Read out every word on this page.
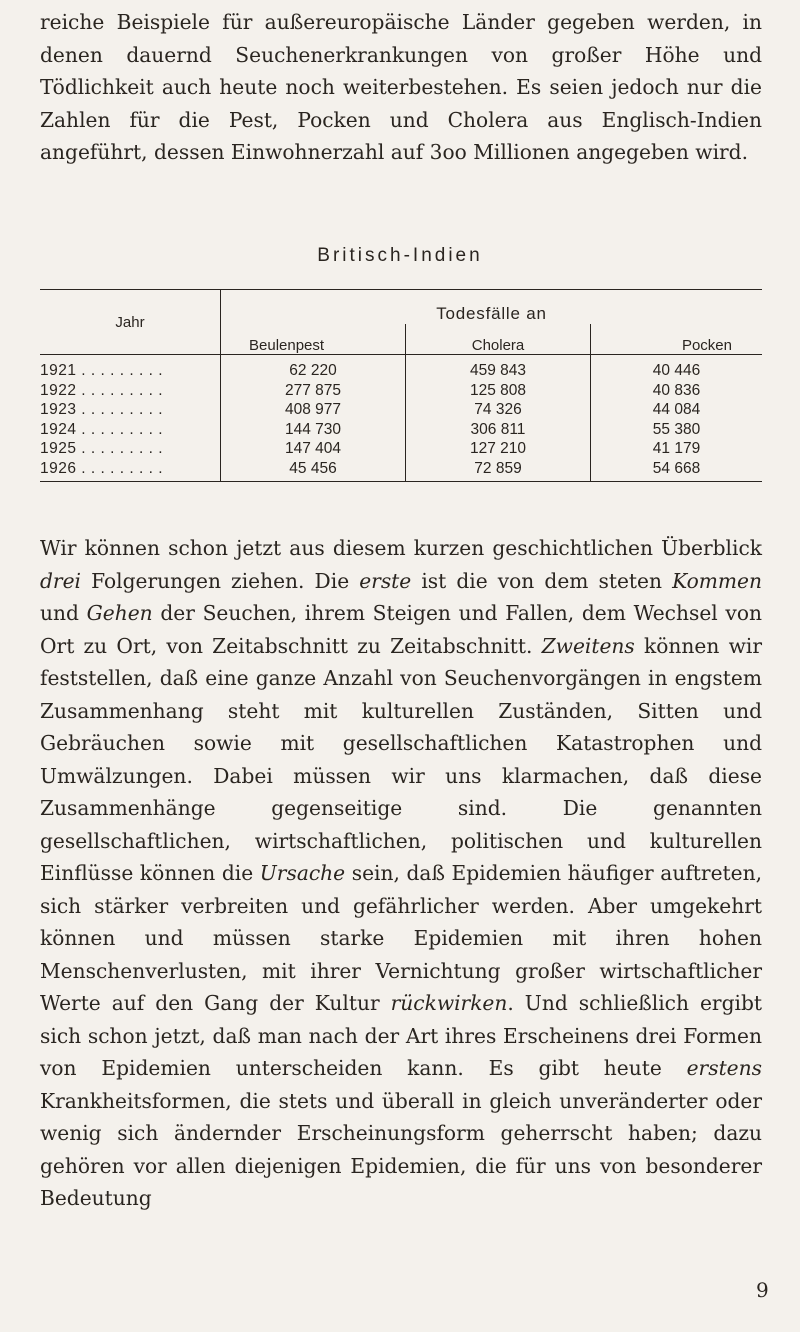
reiche Beispiele für außereuropäische Länder gegeben werden, in denen dauernd Seuchenerkrankungen von großer Höhe und Tödlichkeit auch heute noch weiterbestehen. Es seien jedoch nur die Zahlen für die Pest, Pocken und Cholera aus Englisch-Indien angeführt, dessen Einwohnerzahl auf 3oo Millionen angegeben wird.
Britisch-Indien

Jahr	Todesfälle an		
	Beulenpest	Cholera	Pocken
1921 . . . . . . . . .	62 220	459 843	40 446
1922 . . . . . . . . .	277 875	125 808	40 836
1923 . . . . . . . . .	408 977	74 326	44 084
1924 . . . . . . . . .	144 730	306 811	55 380
1925 . . . . . . . . .	147 404	127 210	41 179
1926 . . . . . . . . .	45 456	72 859	54 668
Wir können schon jetzt aus diesem kurzen geschichtlichen Überblick drei Folgerungen ziehen. Die erste ist die von dem steten Kommen und Gehen der Seuchen, ihrem Steigen und Fallen, dem Wechsel von Ort zu Ort, von Zeitabschnitt zu Zeitabschnitt. Zweitens können wir feststellen, daß eine ganze Anzahl von Seuchenvorgängen in engstem Zusammenhang steht mit kulturellen Zuständen, Sitten und Gebräuchen sowie mit gesellschaftlichen Katastrophen und Umwälzungen. Dabei müssen wir uns klarmachen, daß diese Zusammenhänge gegenseitige sind. Die genannten gesellschaftlichen, wirtschaftlichen, politischen und kulturellen Einflüsse können die Ursache sein, daß Epidemien häufiger auftreten, sich stärker verbreiten und gefährlicher werden. Aber umgekehrt können und müssen starke Epidemien mit ihren hohen Menschenverlusten, mit ihrer Vernichtung großer wirtschaftlicher Werte auf den Gang der Kultur rückwirken. Und schließlich ergibt sich schon jetzt, daß man nach der Art ihres Erscheinens drei Formen von Epidemien unterscheiden kann. Es gibt heute erstens Krankheitsformen, die stets und überall in gleich unveränderter oder wenig sich ändernder Erscheinungsform geherrscht haben; dazu gehören vor allen diejenigen Epidemien, die für uns von besonderer Bedeutung
9
